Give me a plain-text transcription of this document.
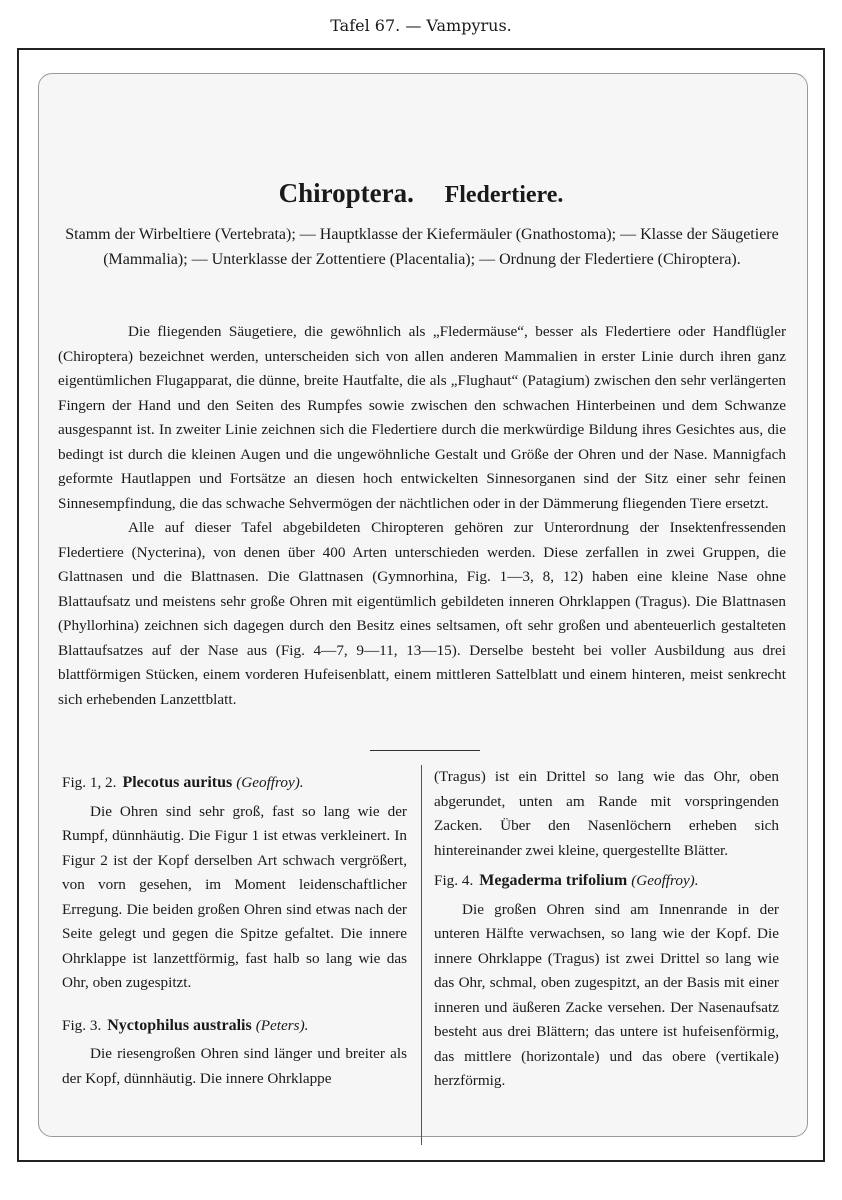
Tafel 67. — Vampyrus.
Chiroptera. Fledertiere.
Stamm der Wirbeltiere (Vertebrata); — Hauptklasse der Kiefermäuler (Gnathostoma); — Klasse der Säugetiere (Mammalia); — Unterklasse der Zottentiere (Placentalia); — Ordnung der Fledertiere (Chiroptera).

Die fliegenden Säugetiere, die gewöhnlich als „Fledermäuse“, besser als Fledertiere oder Handflügler (Chiroptera) bezeichnet werden, unterscheiden sich von allen anderen Mammalien in erster Linie durch ihren ganz eigentümlichen Flugapparat, die dünne, breite Hautfalte, die als „Flughaut“ (Patagium) zwischen den sehr verlängerten Fingern der Hand und den Seiten des Rumpfes sowie zwischen den schwachen Hinterbeinen und dem Schwanze ausgespannt ist. In zweiter Linie zeichnen sich die Fledertiere durch die merkwürdige Bildung ihres Gesichtes aus, die bedingt ist durch die kleinen Augen und die ungewöhnliche Gestalt und Größe der Ohren und der Nase. Mannigfach geformte Hautlappen und Fortsätze an diesen hoch entwickelten Sinnesorganen sind der Sitz einer sehr feinen Sinnesempfindung, die das schwache Sehvermögen der nächtlichen oder in der Dämmerung fliegenden Tiere ersetzt.

Alle auf dieser Tafel abgebildeten Chiropteren gehören zur Unterordnung der Insektenfressenden Fledertiere (Nycterina), von denen über 400 Arten unterschieden werden. Diese zerfallen in zwei Gruppen, die Glattnasen und die Blattnasen. Die Glattnasen (Gymnorhina, Fig. 1—3, 8, 12) haben eine kleine Nase ohne Blattaufsatz und meistens sehr große Ohren mit eigentümlich gebildeten inneren Ohrklappen (Tragus). Die Blattnasen (Phyllorhina) zeichnen sich dagegen durch den Besitz eines seltsamen, oft sehr großen und abenteuerlich gestalteten Blattaufsatzes auf der Nase aus (Fig. 4—7, 9—11, 13—15). Derselbe besteht bei voller Ausbildung aus drei blattförmigen Stücken, einem vorderen Hufeisenblatt, einem mittleren Sattelblatt und einem hinteren, meist senkrecht sich erhebenden Lanzettblatt.

Fig. 1, 2. Plecotus auritus (Geoffroy).

Die Ohren sind sehr groß, fast so lang wie der Rumpf, dünnhäutig. Die Figur 1 ist etwas verkleinert. In Figur 2 ist der Kopf derselben Art schwach vergrößert, von vorn gesehen, im Moment leidenschaftlicher Erregung. Die beiden großen Ohren sind etwas nach der Seite gelegt und gegen die Spitze gefaltet. Die innere Ohrklappe ist lanzettförmig, fast halb so lang wie das Ohr, oben zugespitzt.

Fig. 3. Nyctophilus australis (Peters).

Die riesengroßen Ohren sind länger und breiter als der Kopf, dünnhäutig. Die innere Ohrklappe

(Tragus) ist ein Drittel so lang wie das Ohr, oben abgerundet, unten am Rande mit vorspringenden Zacken. Über den Nasenlöchern erheben sich hintereinander zwei kleine, quergestellte Blätter.

Fig. 4. Megaderma trifolium (Geoffroy).

Die großen Ohren sind am Innenrande in der unteren Hälfte verwachsen, so lang wie der Kopf. Die innere Ohrklappe (Tragus) ist zwei Drittel so lang wie das Ohr, schmal, oben zugespitzt, an der Basis mit einer inneren und äußeren Zacke versehen. Der Nasenaufsatz besteht aus drei Blättern; das untere ist hufeisenförmig, das mittlere (horizontale) und das obere (vertikale) herzförmig.
